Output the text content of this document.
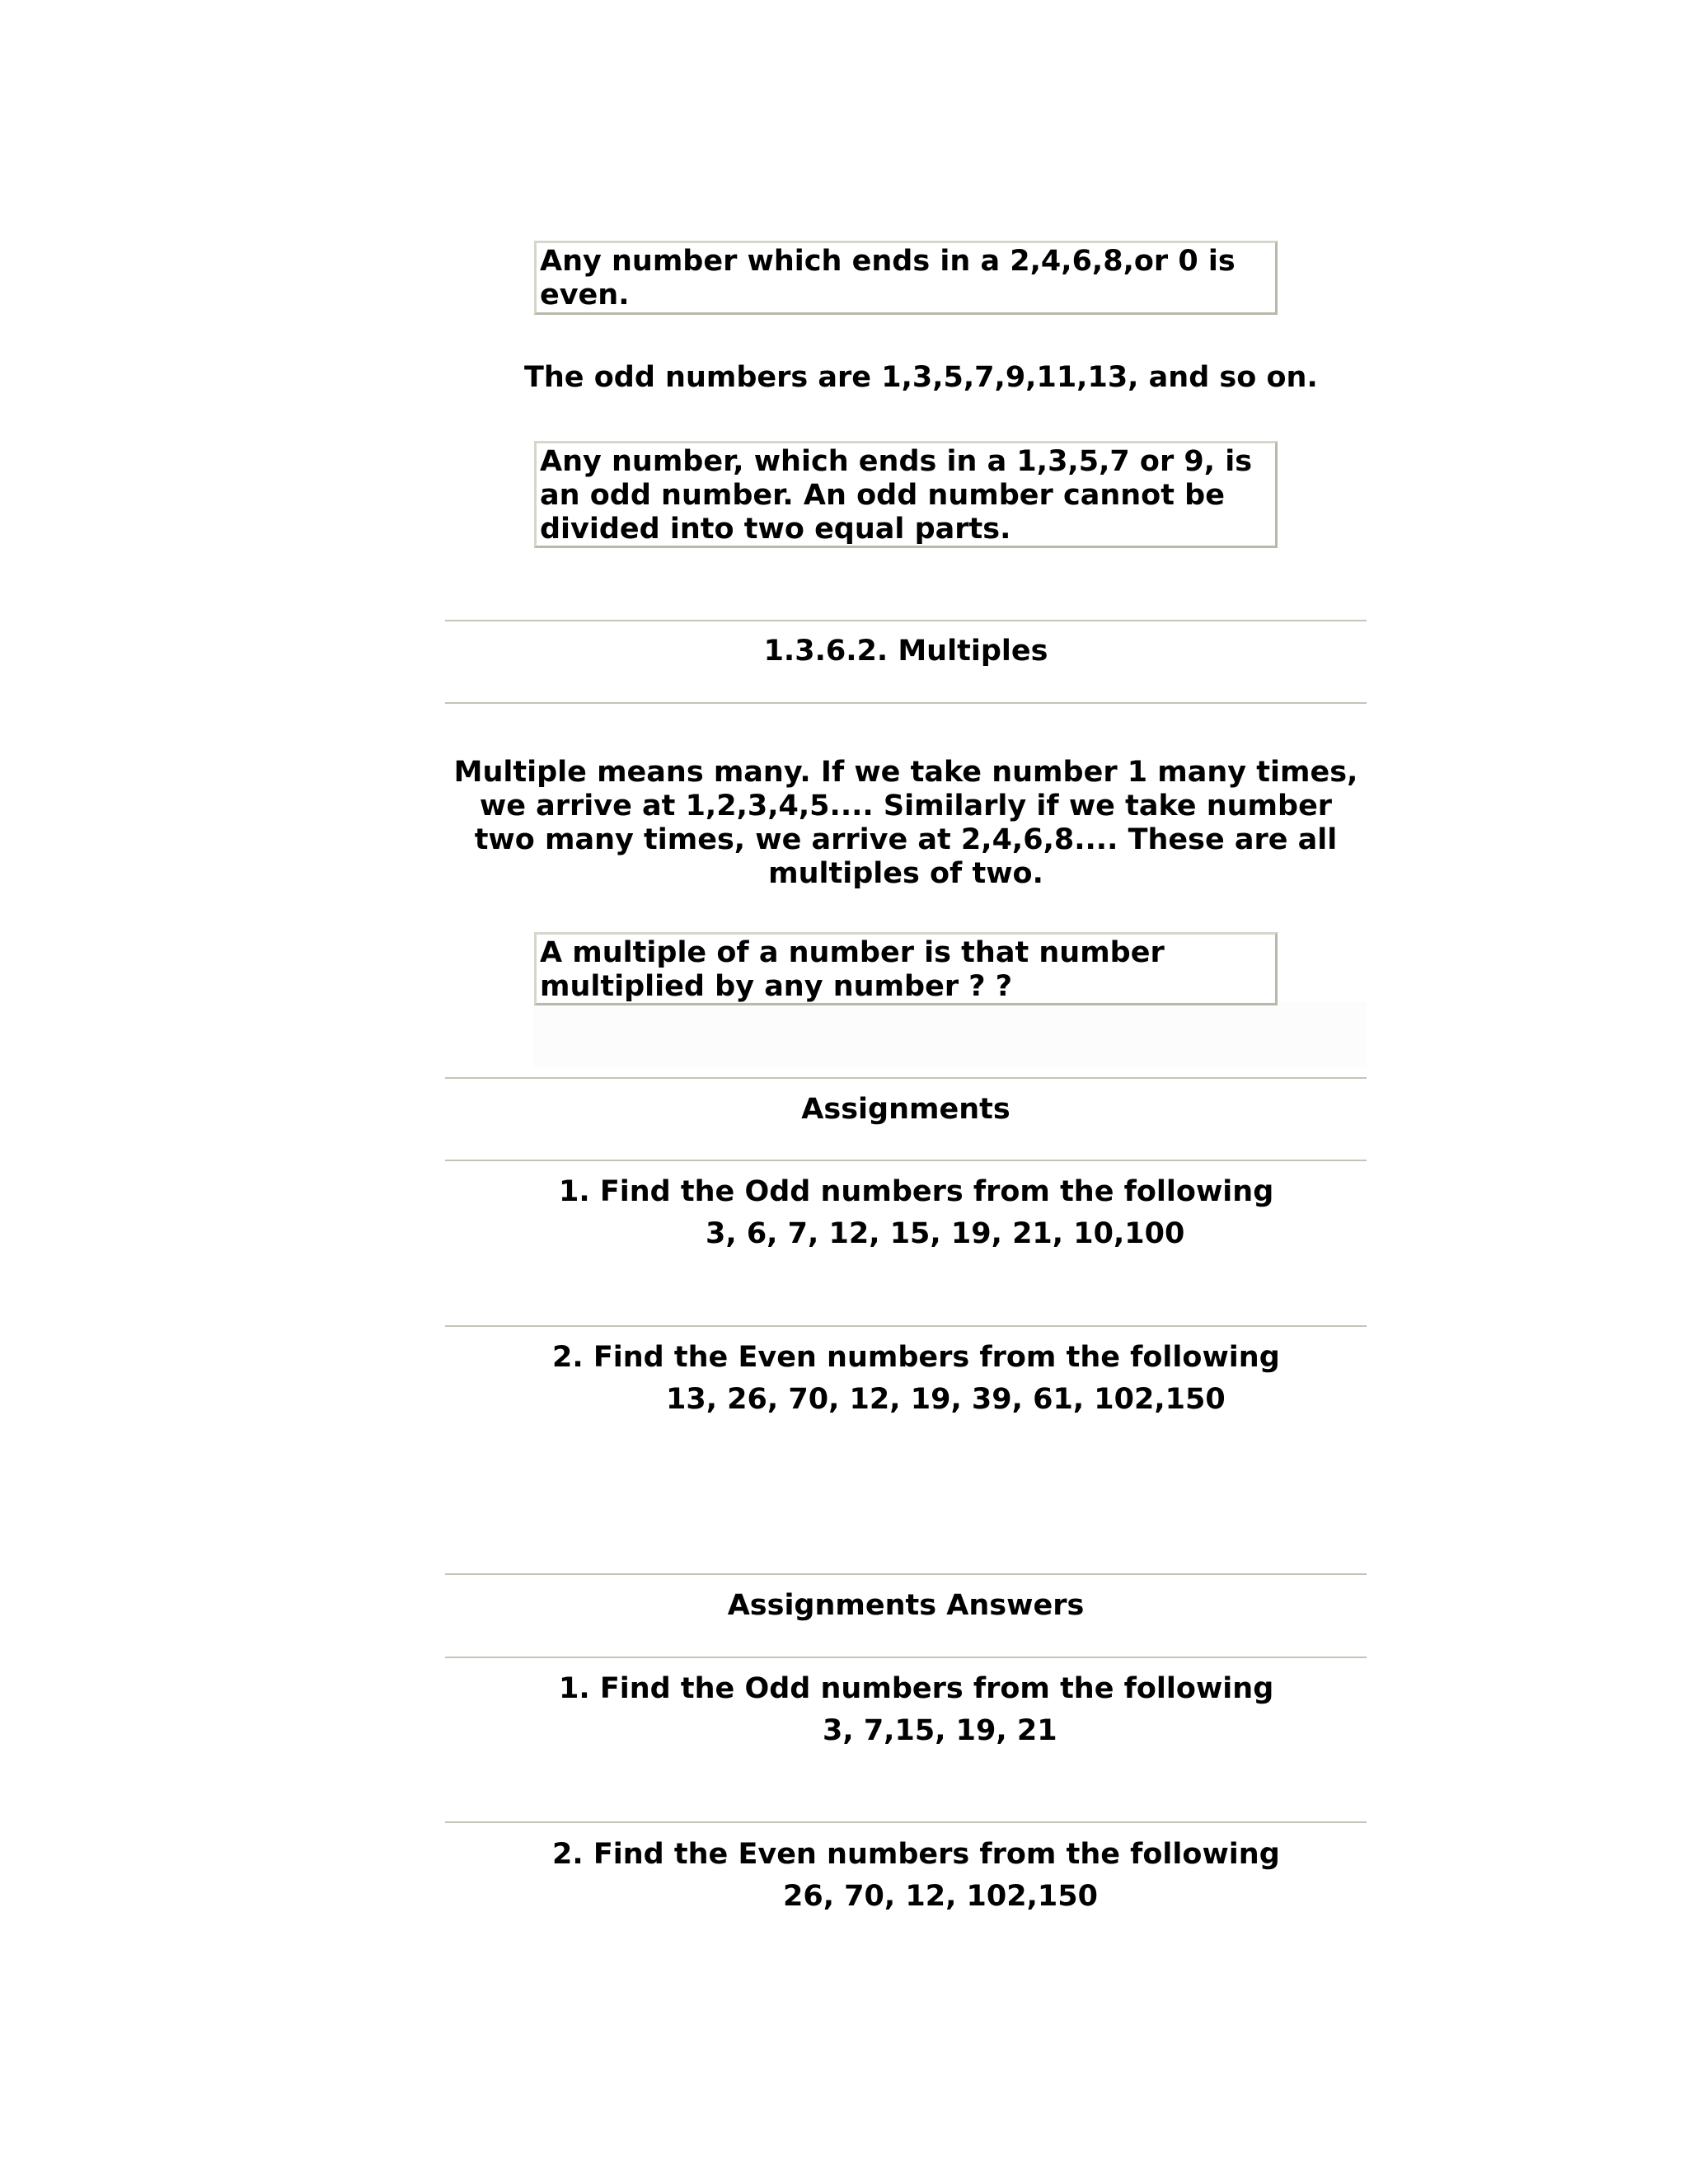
Any number which ends in a 2,4,6,8,or 0 is even.
The odd numbers are 1,3,5,7,9,11,13, and so on.
Any number, which ends in a 1,3,5,7 or 9, is an odd number. An odd number cannot be divided into two equal parts.
1.3.6.2. Multiples
Multiple means many. If we take number 1 many times, we arrive at 1,2,3,4,5.... Similarly if we take number two many times, we arrive at 2,4,6,8.... These are all multiples of two.
A multiple of a number is that number multiplied by any number ? ?
Assignments
1. Find the Odd numbers from the following
3, 6, 7, 12, 15, 19, 21, 10,100
2. Find the Even numbers from the following
13, 26, 70, 12, 19, 39, 61, 102,150
Assignments Answers
1. Find the Odd numbers from the following
3, 7,15, 19, 21
2. Find the Even numbers from the following
26, 70, 12, 102,150
